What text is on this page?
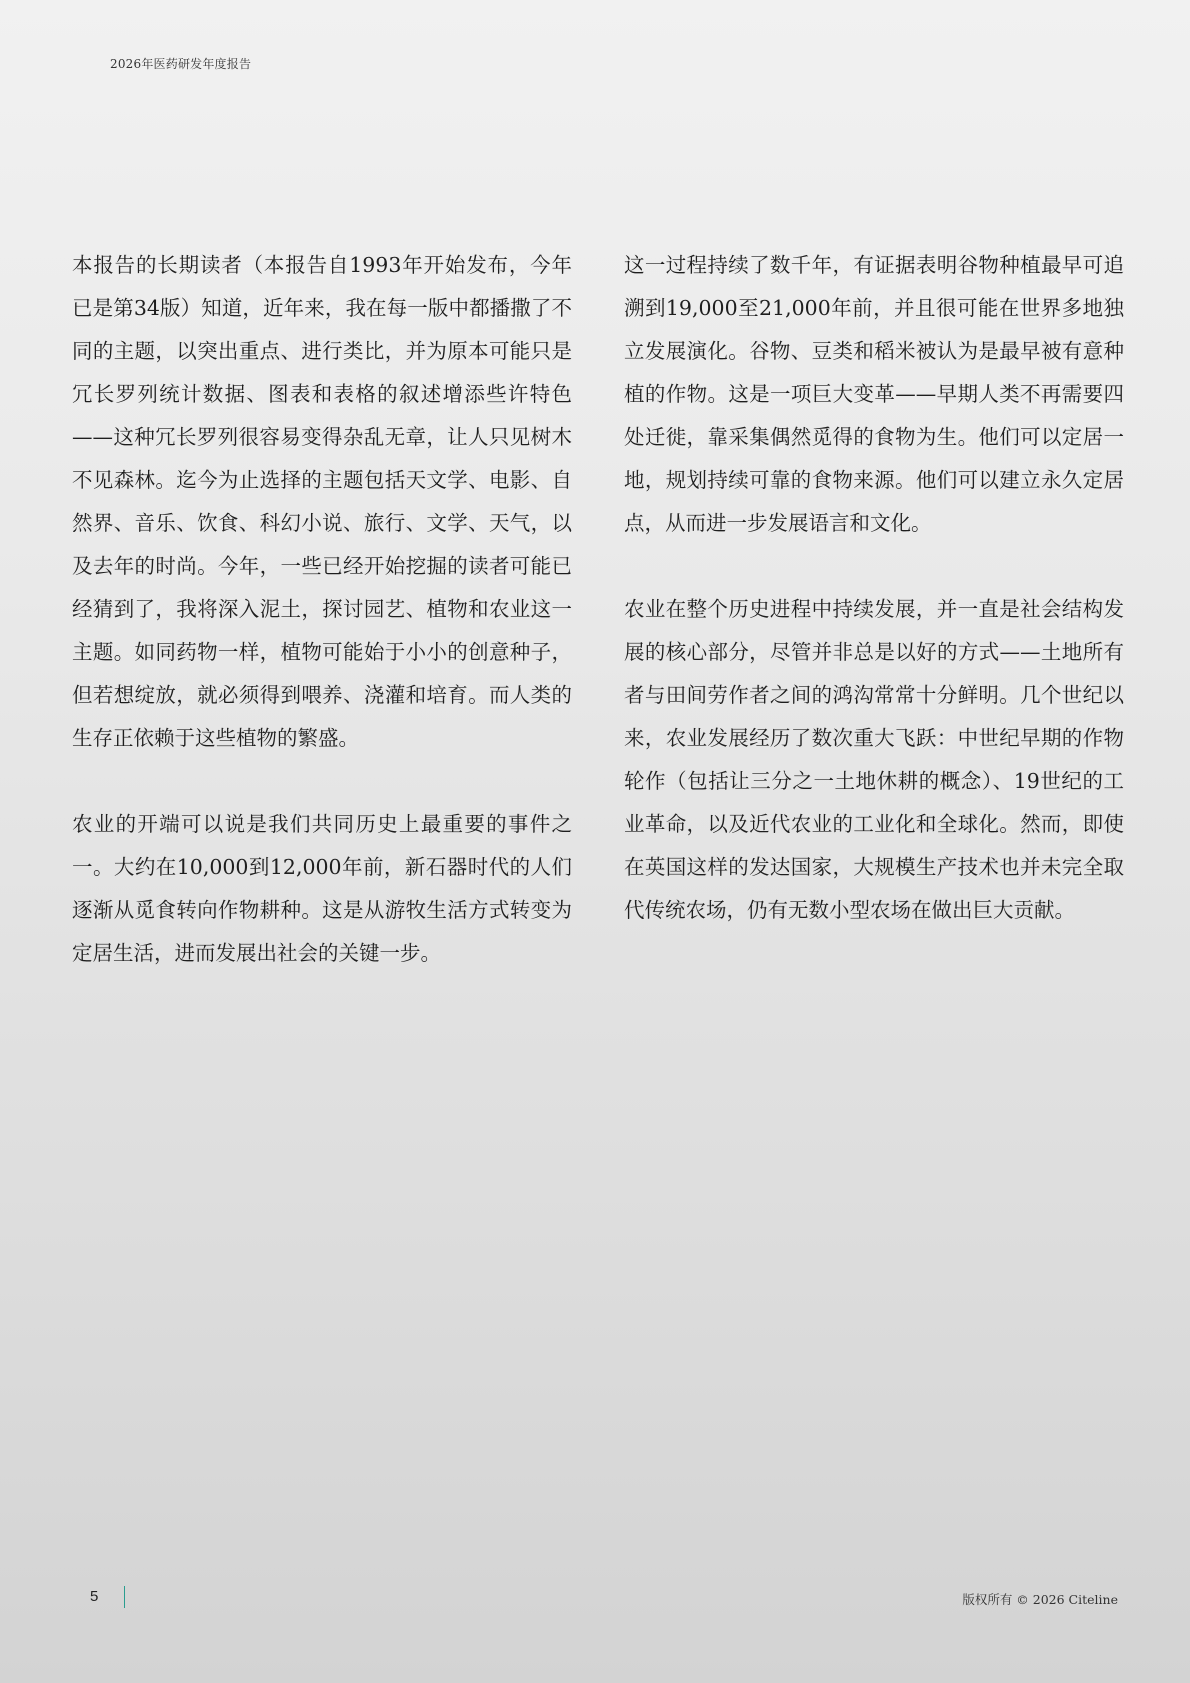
2026年医药研发年度报告

本报告的长期读者（本报告自1993年开始发布，今年已是第34版）知道，近年来，我在每一版中都播撒了不同的主题，以突出重点、进行类比，并为原本可能只是冗长罗列统计数据、图表和表格的叙述增添些许特色——这种冗长罗列很容易变得杂乱无章，让人只见树木不见森林。迄今为止选择的主题包括天文学、电影、自然界、音乐、饮食、科幻小说、旅行、文学、天气，以及去年的时尚。今年，一些已经开始挖掘的读者可能已经猜到了，我将深入泥土，探讨园艺、植物和农业这一主题。如同药物一样，植物可能始于小小的创意种子，但若想绽放，就必须得到喂养、浇灌和培育。而人类的生存正依赖于这些植物的繁盛。

农业的开端可以说是我们共同历史上最重要的事件之一。大约在10,000到12,000年前，新石器时代的人们逐渐从觅食转向作物耕种。这是从游牧生活方式转变为定居生活，进而发展出社会的关键一步。

这一过程持续了数千年，有证据表明谷物种植最早可追溯到19,000至21,000年前，并且很可能在世界多地独立发展演化。谷物、豆类和稻米被认为是最早被有意种植的作物。这是一项巨大变革——早期人类不再需要四处迁徙，靠采集偶然觅得的食物为生。他们可以定居一地，规划持续可靠的食物来源。他们可以建立永久定居点，从而进一步发展语言和文化。

农业在整个历史进程中持续发展，并一直是社会结构发展的核心部分，尽管并非总是以好的方式——土地所有者与田间劳作者之间的鸿沟常常十分鲜明。几个世纪以来，农业发展经历了数次重大飞跃：中世纪早期的作物轮作（包括让三分之一土地休耕的概念）、19世纪的工业革命，以及近代农业的工业化和全球化。然而，即使在英国这样的发达国家，大规模生产技术也并未完全取代传统农场，仍有无数小型农场在做出巨大贡献。

5	版权所有 © 2026 Citeline
